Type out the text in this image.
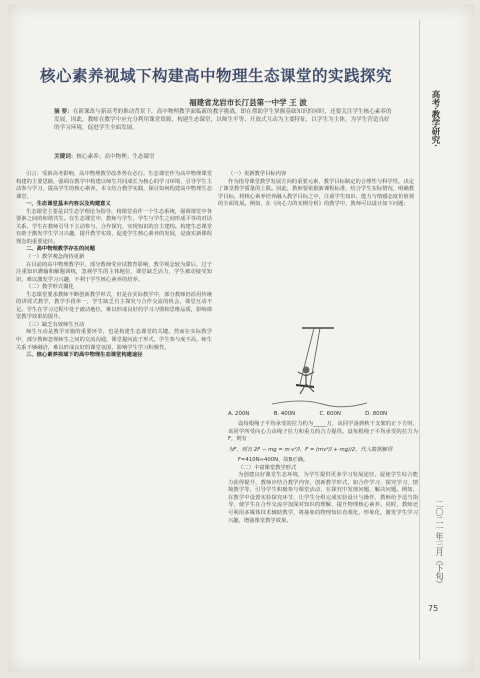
核心素养视域下构建高中物理生态课堂的实践探究
福建省龙岩市长汀县第一中学 王 波
摘 要：在新课改与新高考的推动背景下，高中物理教学面临新的教学挑战，即在帮助学生掌握基础知识的同时，还要关注学生核心素养的发展。因此，教师在教学中应充分利用课堂资源，构建生态课堂，以师生平等、开放式互动为主要特征，以学生为主体，为学生营造良好的学习环境，促进学生全面发展。
关键词：核心素养；高中物理；生态课堂

引言：受新高考影响，高中物理教学改革势在必行。生态课堂作为高中物理课堂构建的主要思路，强调在教学中构建以师生共同成长为核心的学习环境，引导学生主动参与学习，提高学生的核心素养。本文结合教学实践，探讨如何构建高中物理生态课堂。

一、生态课堂基本内容以及构建意义

生态课堂主要是以生态学理论为指导，将课堂看作一个生态系统，强调课堂中各要素之间的和谐共生。在生态课堂中，教师与学生、学生与学生之间形成平等的对话关系，学生在教师引导下主动参与、合作探究，实现知识的自主建构。构建生态课堂有助于激发学生学习兴趣，提升教学实效，促进学生核心素养的发展，是落实新课程理念的重要途径。

二、高中物理教学存在的问题

（一）教学观念尚待更新

在目前的高中物理教学中，部分教师受应试教育影响，教学观念较为滞后，过于注重知识灌输和解题训练，忽视学生的主体地位，课堂缺乏活力，学生被动接受知识，难以激发学习兴趣，不利于学生核心素养的培养。

（二）教学形式僵化

生态课堂要求教师不断创新教学形式，但是在实际教学中，部分教师仍沿用传统的讲授式教学，教学手段单一，学生缺乏自主探究与合作交流的机会，课堂互动不足。学生在学习过程中处于被动地位，难以形成良好的学习习惯和思维品质，影响课堂教学效果的提升。

（三）缺乏有效师生互动

师生互动是教学实施的重要环节，也是构建生态课堂的关键。然而在实际教学中，部分教师忽视师生之间的交流沟通，课堂提问流于形式，学生参与度不高，师生关系不够融洽，难以形成良好的课堂氛围，影响学生学习积极性。

三、核心素养视域下的高中物理生态课堂构建途径

（一）更新教学目标内容

作为指导课堂教学发展方向的重要元素，教学目标制定的合理性与科学性，决定了课堂教学质量的上限。因此，教师要依据新课程标准，结合学生实际情况，明确教学目标，将核心素养培养融入教学目标之中，注重学生知识、能力与情感态度价值观的全面发展。例如，在《向心力的实例分析》的教学中，教师可以设计如下问题：

A. 200N	B. 400N	C. 600N	D. 800N

设每根绳子平均承受的拉力约为_____万，该同学荡到秋千支架的正下方时，该同学所受向心力由绳子拉力和重力的合力提供。设每根绳子平均承受的拉力为F，则有

为F，则有 2F − mg = m·v²/l，F = (mv²/l + mg)/2，代入数据解得

F=410N≈400N，故B正确。

（二）丰富课堂教学形式

为创建良好课堂生态环境，为学生提供更多学习发展途径，促使学生综合能力获得提升，教师应结合教学内容，创新教学形式，如合作学习、探究学习、情境教学等，引导学生积极参与课堂活动，在探究中发现问题、解决问题。例如，在教学中设置实验探究环节，让学生分组完成实验设计与操作，教师给予适当指导，使学生在合作交流中加深对知识的理解，提升物理核心素养。同时，教师还可利用多媒体技术辅助教学，将抽象的物理知识直观化、形象化，激发学生学习兴趣，增强课堂教学效果。

高考·教学研究·
二〇二一年三月（下旬）
75
